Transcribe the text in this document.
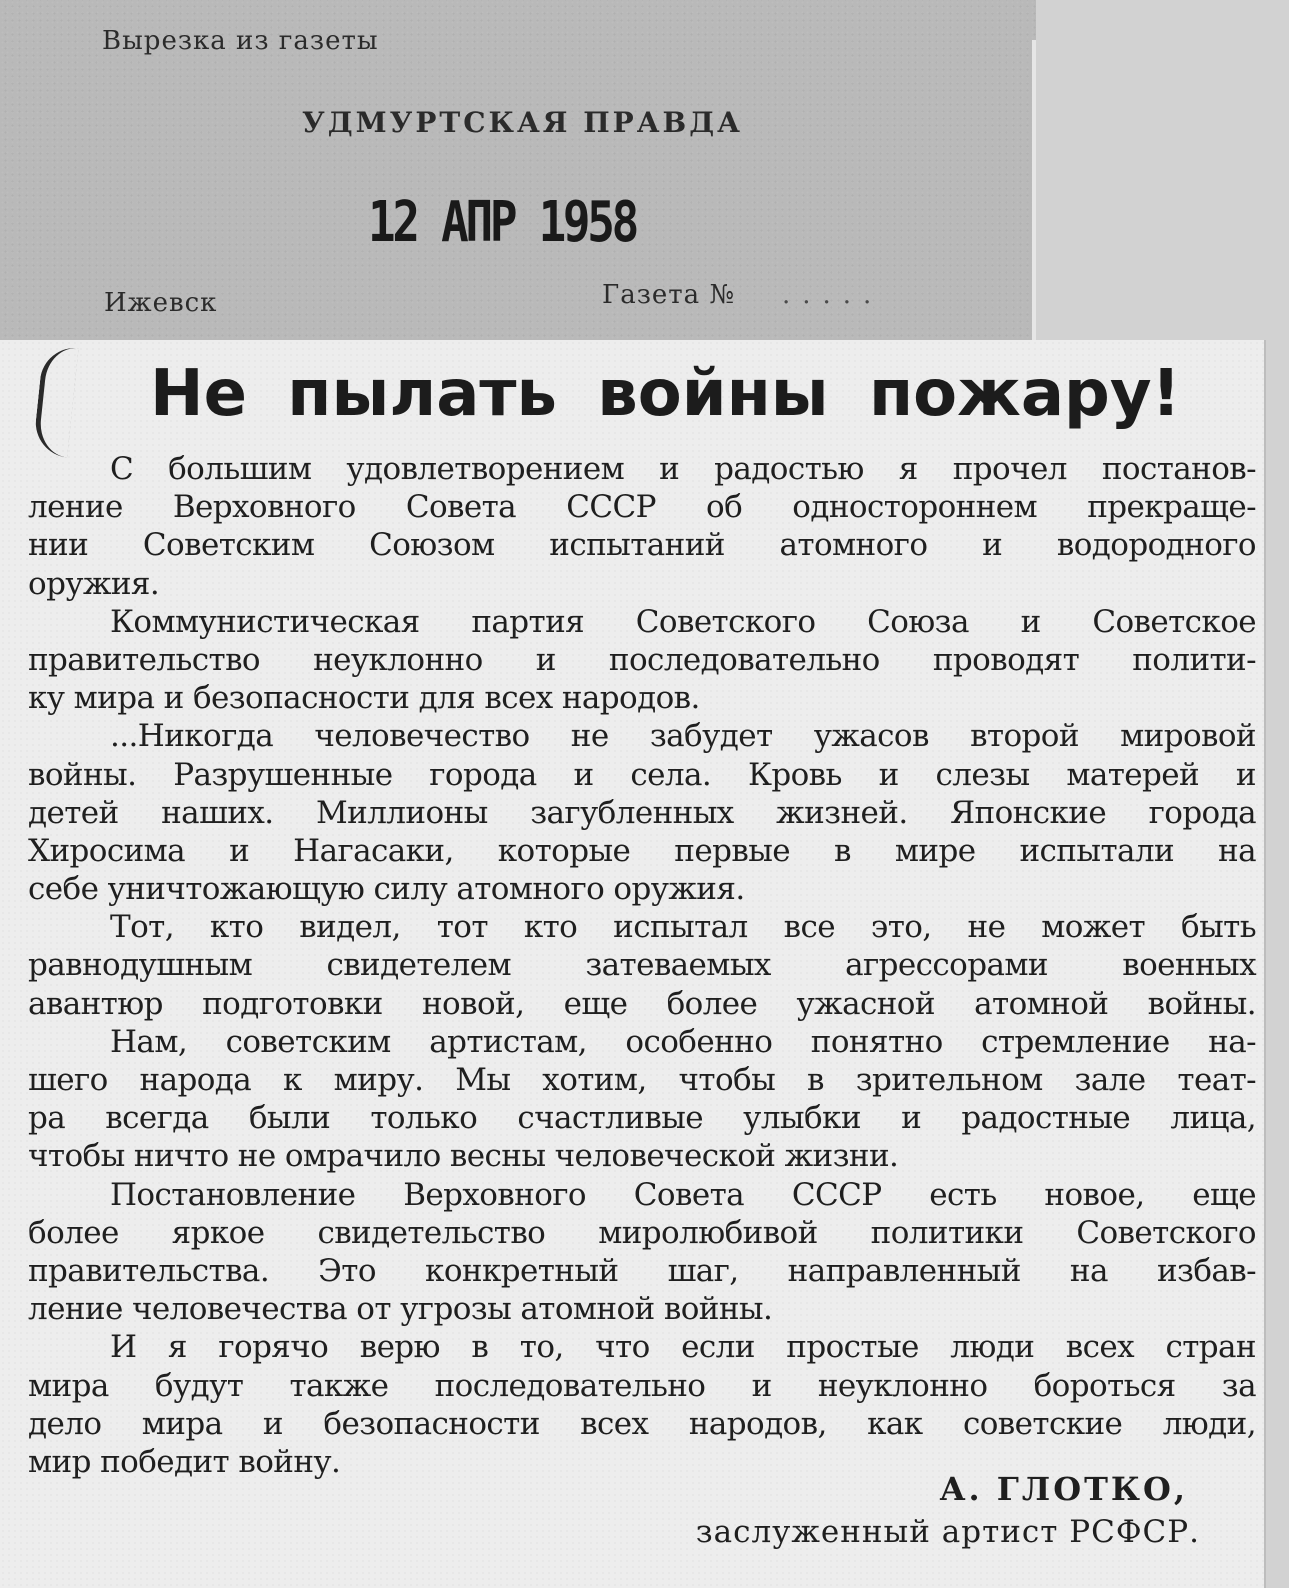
Вырезка из газеты
УДМУРТСКАЯ ПРАВДА
12 АПР 1958
Ижевск	Газета № .....
Не пылать войны пожару!
С большим удовлетворением и радостью я прочел постанов-
ление Верховного Совета СССР об одностороннем прекраще-
нии Советским Союзом испытаний атомного и водородного
оружия.
Коммунистическая партия Советского Союза и Советское
правительство неуклонно и последовательно проводят полити-
ку мира и безопасности для всех народов.
...Никогда человечество не забудет ужасов второй мировой
войны. Разрушенные города и села. Кровь и слезы матерей и
детей наших. Миллионы загубленных жизней. Японские города
Хиросима и Нагасаки, которые первые в мире испытали на
себе уничтожающую силу атомного оружия.
Тот, кто видел, тот кто испытал все это, не может быть
равнодушным свидетелем затеваемых агрессорами военных
авантюр подготовки новой, еще более ужасной атомной войны.
Нам, советским артистам, особенно понятно стремление на-
шего народа к миру. Мы хотим, чтобы в зрительном зале теат-
ра всегда были только счастливые улыбки и радостные лица,
чтобы ничто не омрачило весны человеческой жизни.
Постановление Верховного Совета СССР есть новое, еще
более яркое свидетельство миролюбивой политики Советского
правительства. Это конкретный шаг, направленный на избав-
ление человечества от угрозы атомной войны.
И я горячо верю в то, что если простые люди всех стран
мира будут также последовательно и неуклонно бороться за
дело мира и безопасности всех народов, как советские люди,
мир победит войну.
А. ГЛОТКО,
заслуженный артист РСФСР.
